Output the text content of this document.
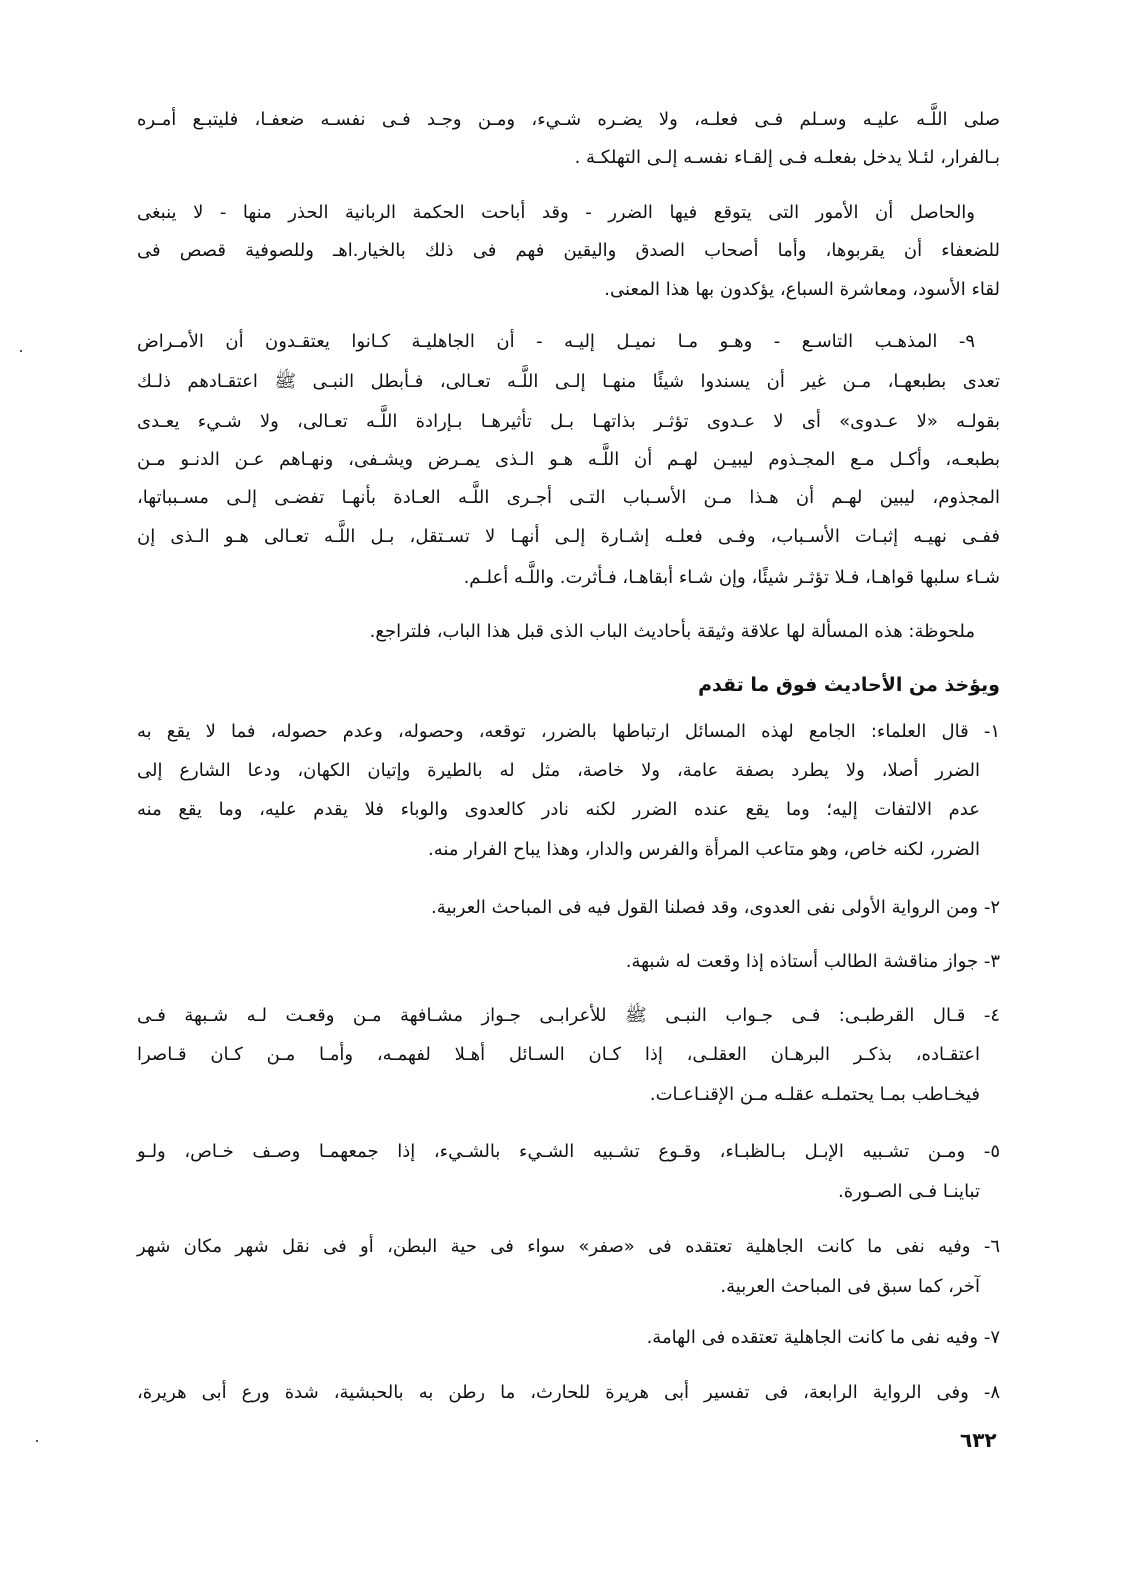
صلى اللَّـه عليـه وسـلم فـى فعلـه، ولا يضـره شـيء، ومـن وجـد فـى نفسـه ضعفـا، فليتبـع أمـره
بـالفرار، لئـلا يدخل بفعلـه فـى إلقـاء نفسـه إلـى التهلكـة .
والحاصل أن الأمور التى يتوقع فيها الضرر - وقد أباحت الحكمة الربانية الحذر منها - لا ينبغى
للضعفاء أن يقربوها، وأما أصحاب الصدق واليقين فهم فى ذلك بالخيار.اهـ وللصوفية قصص فى
لقاء الأسود، ومعاشرة السباع، يؤكدون بها هذا المعنى.
٩- المذهـب التاسـع - وهـو مـا نميـل إليـه - أن الجاهليـة كـانوا يعتقـدون أن الأمـراض
تعدى بطبعهـا، مـن غير أن يسندوا شيئًا منهـا إلـى اللَّـه تعـالى، فـأبطل النبـى ﷺ اعتقـادهم ذلـك
بقولـه «لا عـدوى» أى لا عـدوى تؤثـر بذاتهـا بـل تأثيرهـا بـإرادة اللَّـه تعـالى، ولا شـيء يعـدى
بطبعـه، وأكـل مـع المجـذوم ليبيـن لهـم أن اللَّـه هـو الـذى يمـرض ويشـفى، ونهـاهم عـن الدنـو مـن
المجذوم، ليبين لهـم أن هـذا مـن الأسـباب التـى أجـرى اللَّـه العـادة بأنهـا تفضـى إلـى مسـبباتها،
ففـى نهيـه إثبـات الأسـباب، وفـى فعلـه إشـارة إلـى أنهـا لا تسـتقل، بـل اللَّـه تعـالى هـو الـذى إن
شـاء سلبها قواهـا، فـلا تؤثـر شيئًا، وإن شـاء أبقاهـا، فـأثرت. واللَّـه أعلـم.
ملحوظة: هذه المسألة لها علاقة وثيقة بأحاديث الباب الذى قبل هذا الباب، فلتراجع.
ويؤخذ من الأحاديث فوق ما تقدم
١- قال العلماء: الجامع لهذه المسائل ارتباطها بالضرر، توقعه، وحصوله، وعدم حصوله، فما لا يقع به
الضرر أصلا، ولا يطرد بصفة عامة، ولا خاصة، مثل له بالطيرة وإتيان الكهان، ودعا الشارع إلى
عدم الالتفات إليه؛ وما يقع عنده الضرر لكنه نادر كالعدوى والوباء فلا يقدم عليه، وما يقع منه
الضرر، لكنه خاص، وهو متاعب المرأة والفرس والدار، وهذا يباح الفرار منه.
٢- ومن الرواية الأولى نفى العدوى، وقد فصلنا القول فيه فى المباحث العربية.
٣- جواز مناقشة الطالب أستاذه إذا وقعت له شبهة.
٤- قـال القرطبـى: فـى جـواب النبـى ﷺ للأعرابـى جـواز مشـافهة مـن وقعـت لـه شـبهة فـى
اعتقـاده، بذكـر البرهـان العقلـى، إذا كـان السـائل أهـلا لفهمـه، وأمـا مـن كـان قـاصرا
فيخـاطب بمـا يحتملـه عقلـه مـن الإقنـاعـات.
٥- ومـن تشـبيه الإبـل بـالظبـاء، وقـوع تشـبيه الشـيء بالشـيء، إذا جمعهمـا وصـف خـاص، ولـو
تباينـا فـى الصـورة.
٦- وفيه نفى ما كانت الجاهلية تعتقده فى «صفر» سواء فى حية البطن، أو فى نقل شهر مكان شهر
آخر، كما سبق فى المباحث العربية.
٧- وفيه نفى ما كانت الجاهلية تعتقده فى الهامة.
٨- وفى الرواية الرابعة، فى تفسير أبى هريرة للحارث، ما رطن به بالحبشية، شدة ورع أبى هريرة،
٦٣٢
